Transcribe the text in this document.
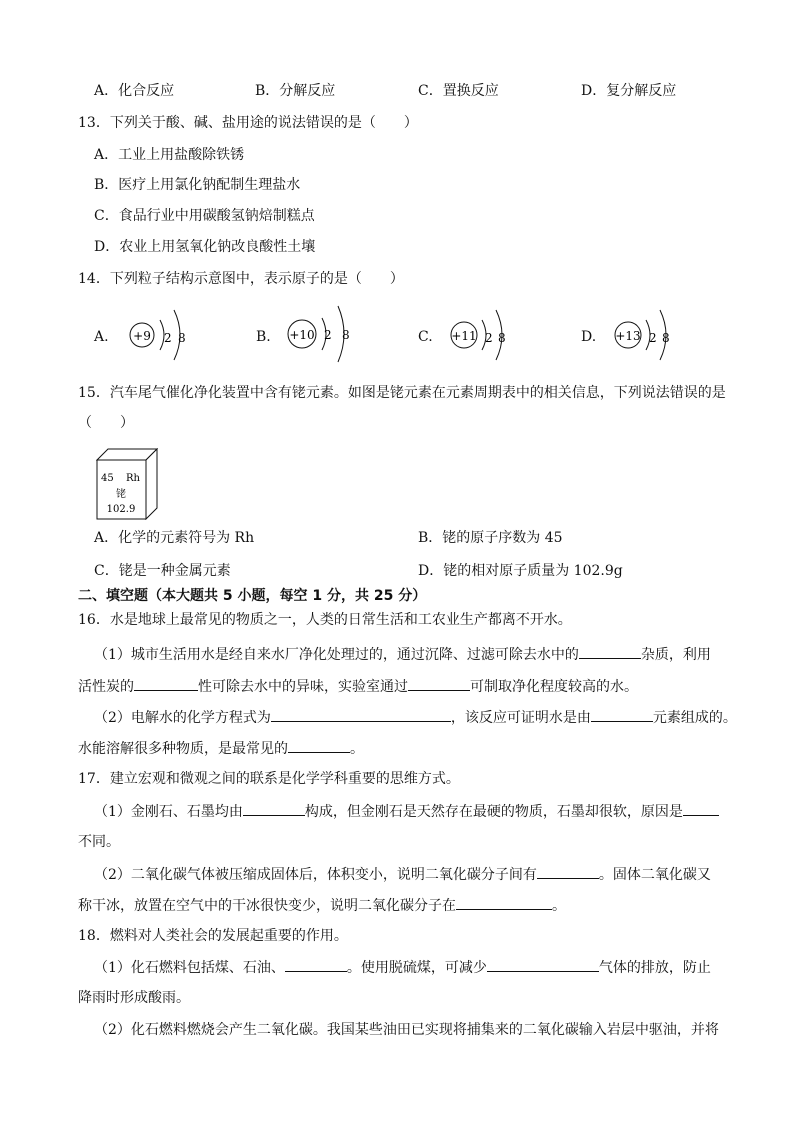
A．化合反应	B．分解反应	C．置换反应	D．复分解反应
13．下列关于酸、碱、盐用途的说法错误的是（　　）
A．工业上用盐酸除铁锈
B．医疗上用氯化钠配制生理盐水
C．食品行业中用碳酸氢钠焙制糕点
D．农业上用氢氧化钠改良酸性土壤
14．下列粒子结构示意图中，表示原子的是（　　）
A. +9 2 8	B. +10 2 8	C. +11 2 8	D. +13 2 8
15．汽车尾气催化净化装置中含有铑元素。如图是铑元素在元素周期表中的相关信息，下列说法错误的是
（　　）
45 Rh
铑
102.9
A．化学的元素符号为 Rh	B．铑的原子序数为 45
C．铑是一种金属元素	D．铑的相对原子质量为 102.9g
二、填空题（本大题共 5 小题，每空 1 分，共 25 分）
16．水是地球上最常见的物质之一，人类的日常生活和工农业生产都离不开水。
（1）城市生活用水是经自来水厂净化处理过的，通过沉降、过滤可除去水中的	杂质，利用
活性炭的	性可除去水中的异味，实验室通过	可制取净化程度较高的水。
（2）电解水的化学方程式为	，该反应可证明水是由	元素组成的。
水能溶解很多种物质，是最常见的	。
17．建立宏观和微观之间的联系是化学学科重要的思维方式。
（1）金刚石、石墨均由	构成，但金刚石是天然存在最硬的物质，石墨却很软，原因是
不同。
（2）二氧化碳气体被压缩成固体后，体积变小，说明二氧化碳分子间有	。固体二氧化碳又
称干冰，放置在空气中的干冰很快变少，说明二氧化碳分子在	。
18．燃料对人类社会的发展起重要的作用。
（1）化石燃料包括煤、石油、	。使用脱硫煤，可减少	气体的排放，防止
降雨时形成酸雨。
（2）化石燃料燃烧会产生二氧化碳。我国某些油田已实现将捕集来的二氧化碳输入岩层中驱油，并将
